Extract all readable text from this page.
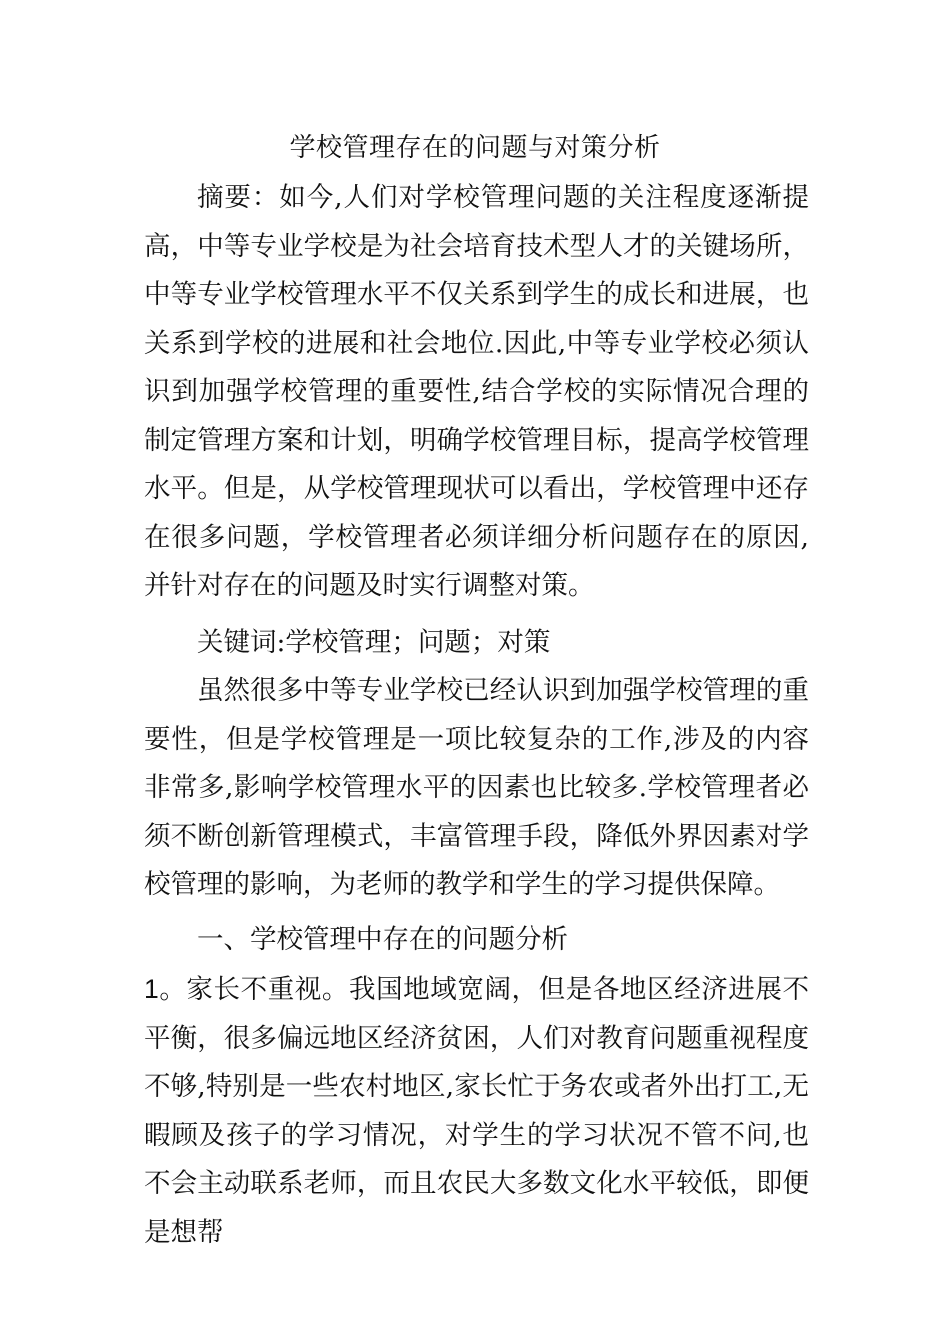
学校管理存在的问题与对策分析
摘要：如今,人们对学校管理问题的关注程度逐渐提高，中等专业学校是为社会培育技术型人才的关键场所，中等专业学校管理水平不仅关系到学生的成长和进展，也关系到学校的进展和社会地位.因此,中等专业学校必须认识到加强学校管理的重要性,结合学校的实际情况合理的制定管理方案和计划，明确学校管理目标，提高学校管理水平。但是，从学校管理现状可以看出，学校管理中还存在很多问题，学校管理者必须详细分析问题存在的原因,并针对存在的问题及时实行调整对策。
关键词:学校管理；问题；对策
虽然很多中等专业学校已经认识到加强学校管理的重要性，但是学校管理是一项比较复杂的工作,涉及的内容非常多,影响学校管理水平的因素也比较多.学校管理者必须不断创新管理模式，丰富管理手段，降低外界因素对学校管理的影响，为老师的教学和学生的学习提供保障。
一、学校管理中存在的问题分析
1。家长不重视。我国地域宽阔，但是各地区经济进展不平衡，很多偏远地区经济贫困，人们对教育问题重视程度不够,特别是一些农村地区,家长忙于务农或者外出打工,无暇顾及孩子的学习情况，对学生的学习状况不管不问,也不会主动联系老师，而且农民大多数文化水平较低，即便是想帮
